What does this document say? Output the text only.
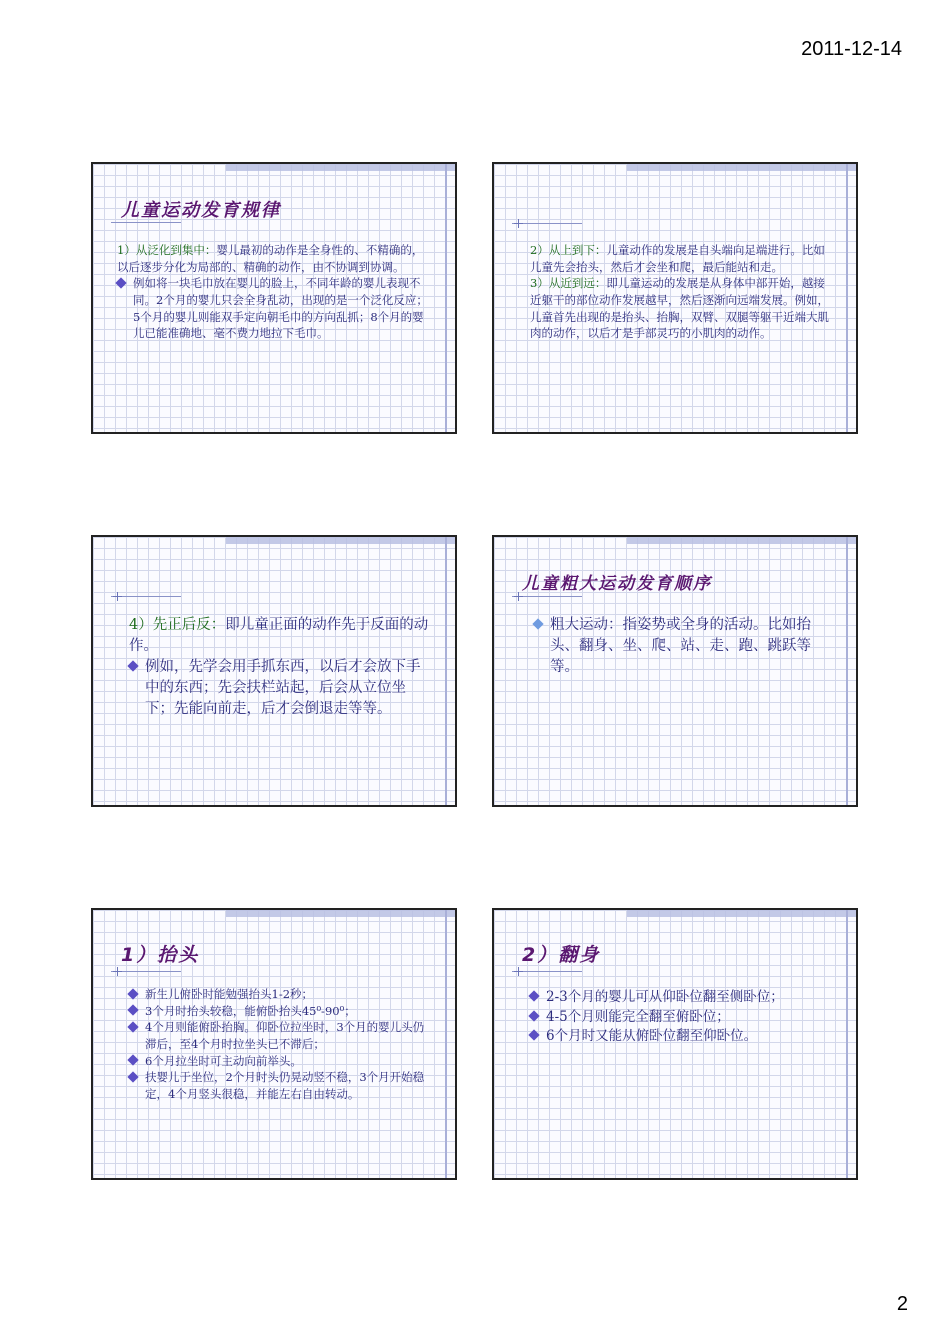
2011-12-14
儿童运动发育规律

1）从泛化到集中：婴儿最初的动作是全身性的、不精确的，以后逐步分化为局部的、精确的动作，由不协调到协调。

例如将一块毛巾放在婴儿的脸上，不同年龄的婴儿表现不同。2个月的婴儿只会全身乱动，出现的是一个泛化反应；5个月的婴儿则能双手定向朝毛巾的方向乱抓；8个月的婴儿已能准确地、毫不费力地拉下毛巾。

2）从上到下：儿童动作的发展是自头端向足端进行。比如儿童先会抬头，然后才会坐和爬，最后能站和走。

3）从近到远：即儿童运动的发展是从身体中部开始，越接近躯干的部位动作发展越早，然后逐渐向远端发展。例如，儿童首先出现的是抬头、抬胸，双臂、双腿等躯干近端大肌肉的动作，以后才是手部灵巧的小肌肉的动作。

4）先正后反：即儿童正面的动作先于反面的动作。

例如，先学会用手抓东西，以后才会放下手中的东西；先会扶栏站起，后会从立位坐下；先能向前走，后才会倒退走等等。

儿童粗大运动发育顺序

粗大运动：指姿势或全身的活动。比如抬头、翻身、坐、爬、站、走、跑、跳跃等等。

1）抬头

新生儿俯卧时能勉强抬头1-2秒；

3个月时抬头较稳，能俯卧抬头45⁰-90⁰；

4个月则能俯卧抬胸。仰卧位拉坐时，3个月的婴儿头仍滞后，至4个月时拉坐头已不滞后；

6个月拉坐时可主动向前举头。

扶婴儿于坐位，2个月时头仍晃动竖不稳，3个月开始稳定，4个月竖头很稳，并能左右自由转动。

2）翻身

2-3个月的婴儿可从仰卧位翻至侧卧位；

4-5个月则能完全翻至俯卧位；

6个月时又能从俯卧位翻至仰卧位。

2
